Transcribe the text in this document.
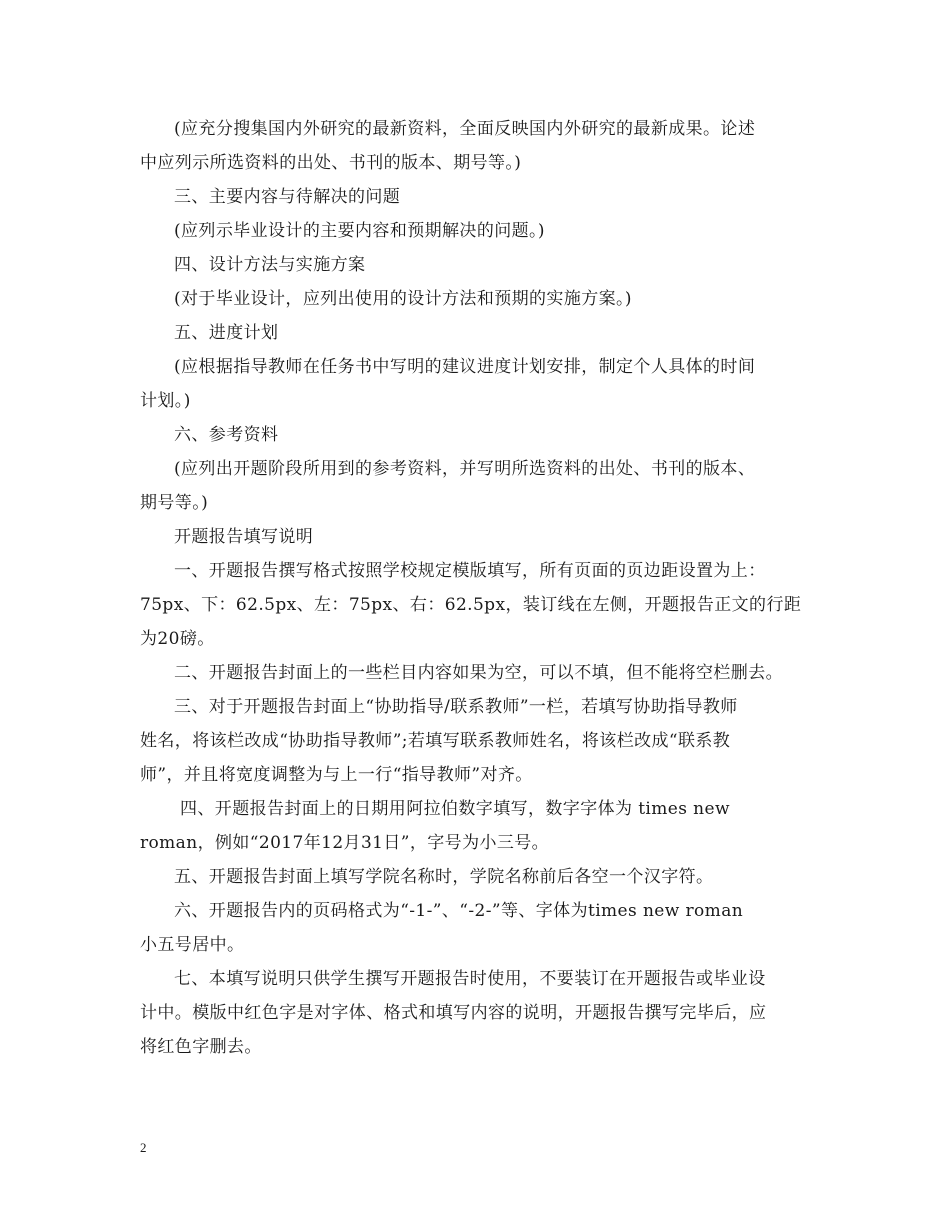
(应充分搜集国内外研究的最新资料，全面反映国内外研究的最新成果。论述
中应列示所选资料的出处、书刊的版本、期号等。)
三、主要内容与待解决的问题
(应列示毕业设计的主要内容和预期解决的问题。)
四、设计方法与实施方案
(对于毕业设计，应列出使用的设计方法和预期的实施方案。)
五、进度计划
(应根据指导教师在任务书中写明的建议进度计划安排，制定个人具体的时间
计划。)
六、参考资料
(应列出开题阶段所用到的参考资料，并写明所选资料的出处、书刊的版本、
期号等。)
开题报告填写说明
一、开题报告撰写格式按照学校规定模版填写，所有页面的页边距设置为上：
75px、下：62.5px、左：75px、右：62.5px，装订线在左侧，开题报告正文的行距
为20磅。
二、开题报告封面上的一些栏目内容如果为空，可以不填，但不能将空栏删去。
三、对于开题报告封面上“协助指导/联系教师”一栏，若填写协助指导教师
姓名，将该栏改成“协助指导教师”;若填写联系教师姓名，将该栏改成“联系教
师”，并且将宽度调整为与上一行“指导教师”对齐。
四、开题报告封面上的日期用阿拉伯数字填写，数字字体为 times new
roman，例如“2017年12月31日”，字号为小三号。
五、开题报告封面上填写学院名称时，学院名称前后各空一个汉字符。
六、开题报告内的页码格式为“-1-”、“-2-”等、字体为times new roman
小五号居中。
七、本填写说明只供学生撰写开题报告时使用，不要装订在开题报告或毕业设
计中。模版中红色字是对字体、格式和填写内容的说明，开题报告撰写完毕后，应
将红色字删去。
2
